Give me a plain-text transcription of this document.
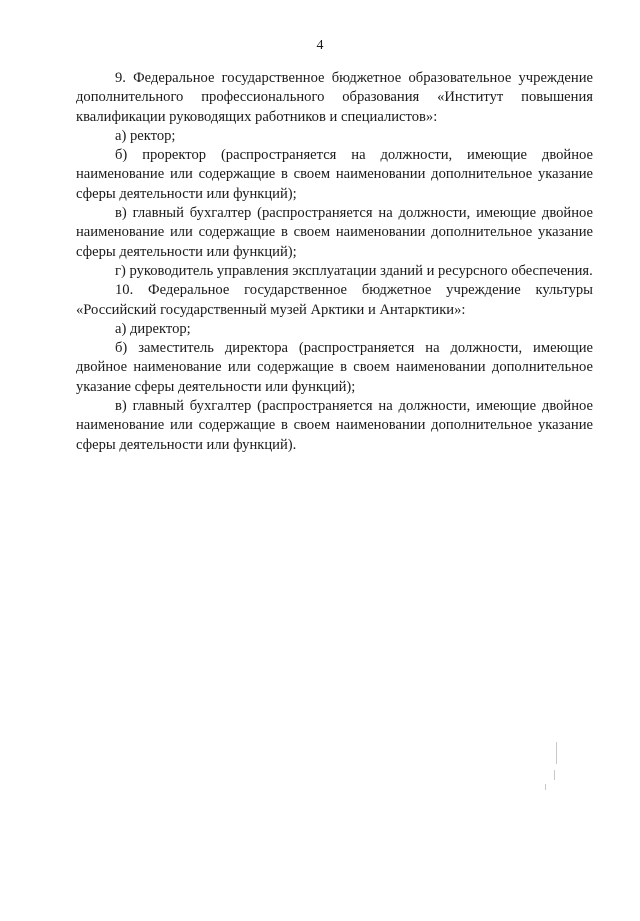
4

9. Федеральное государственное бюджетное образовательное учреждение дополнительного профессионального образования «Институт повышения квалификации руководящих работников и специалистов»:

а) ректор;

б) проректор (распространяется на должности, имеющие двойное наименование или содержащие в своем наименовании дополнительное указание сферы деятельности или функций);

в) главный бухгалтер (распространяется на должности, имеющие двойное наименование или содержащие в своем наименовании дополнительное указание сферы деятельности или функций);

г) руководитель управления эксплуатации зданий и ресурсного обеспечения.

10. Федеральное государственное бюджетное учреждение культуры «Российский государственный музей Арктики и Антарктики»:

а) директор;

б) заместитель директора (распространяется на должности, имеющие двойное наименование или содержащие в своем наименовании дополнительное указание сферы деятельности или функций);

в) главный бухгалтер (распространяется на должности, имеющие двойное наименование или содержащие в своем наименовании дополнительное указание сферы деятельности или функций).
